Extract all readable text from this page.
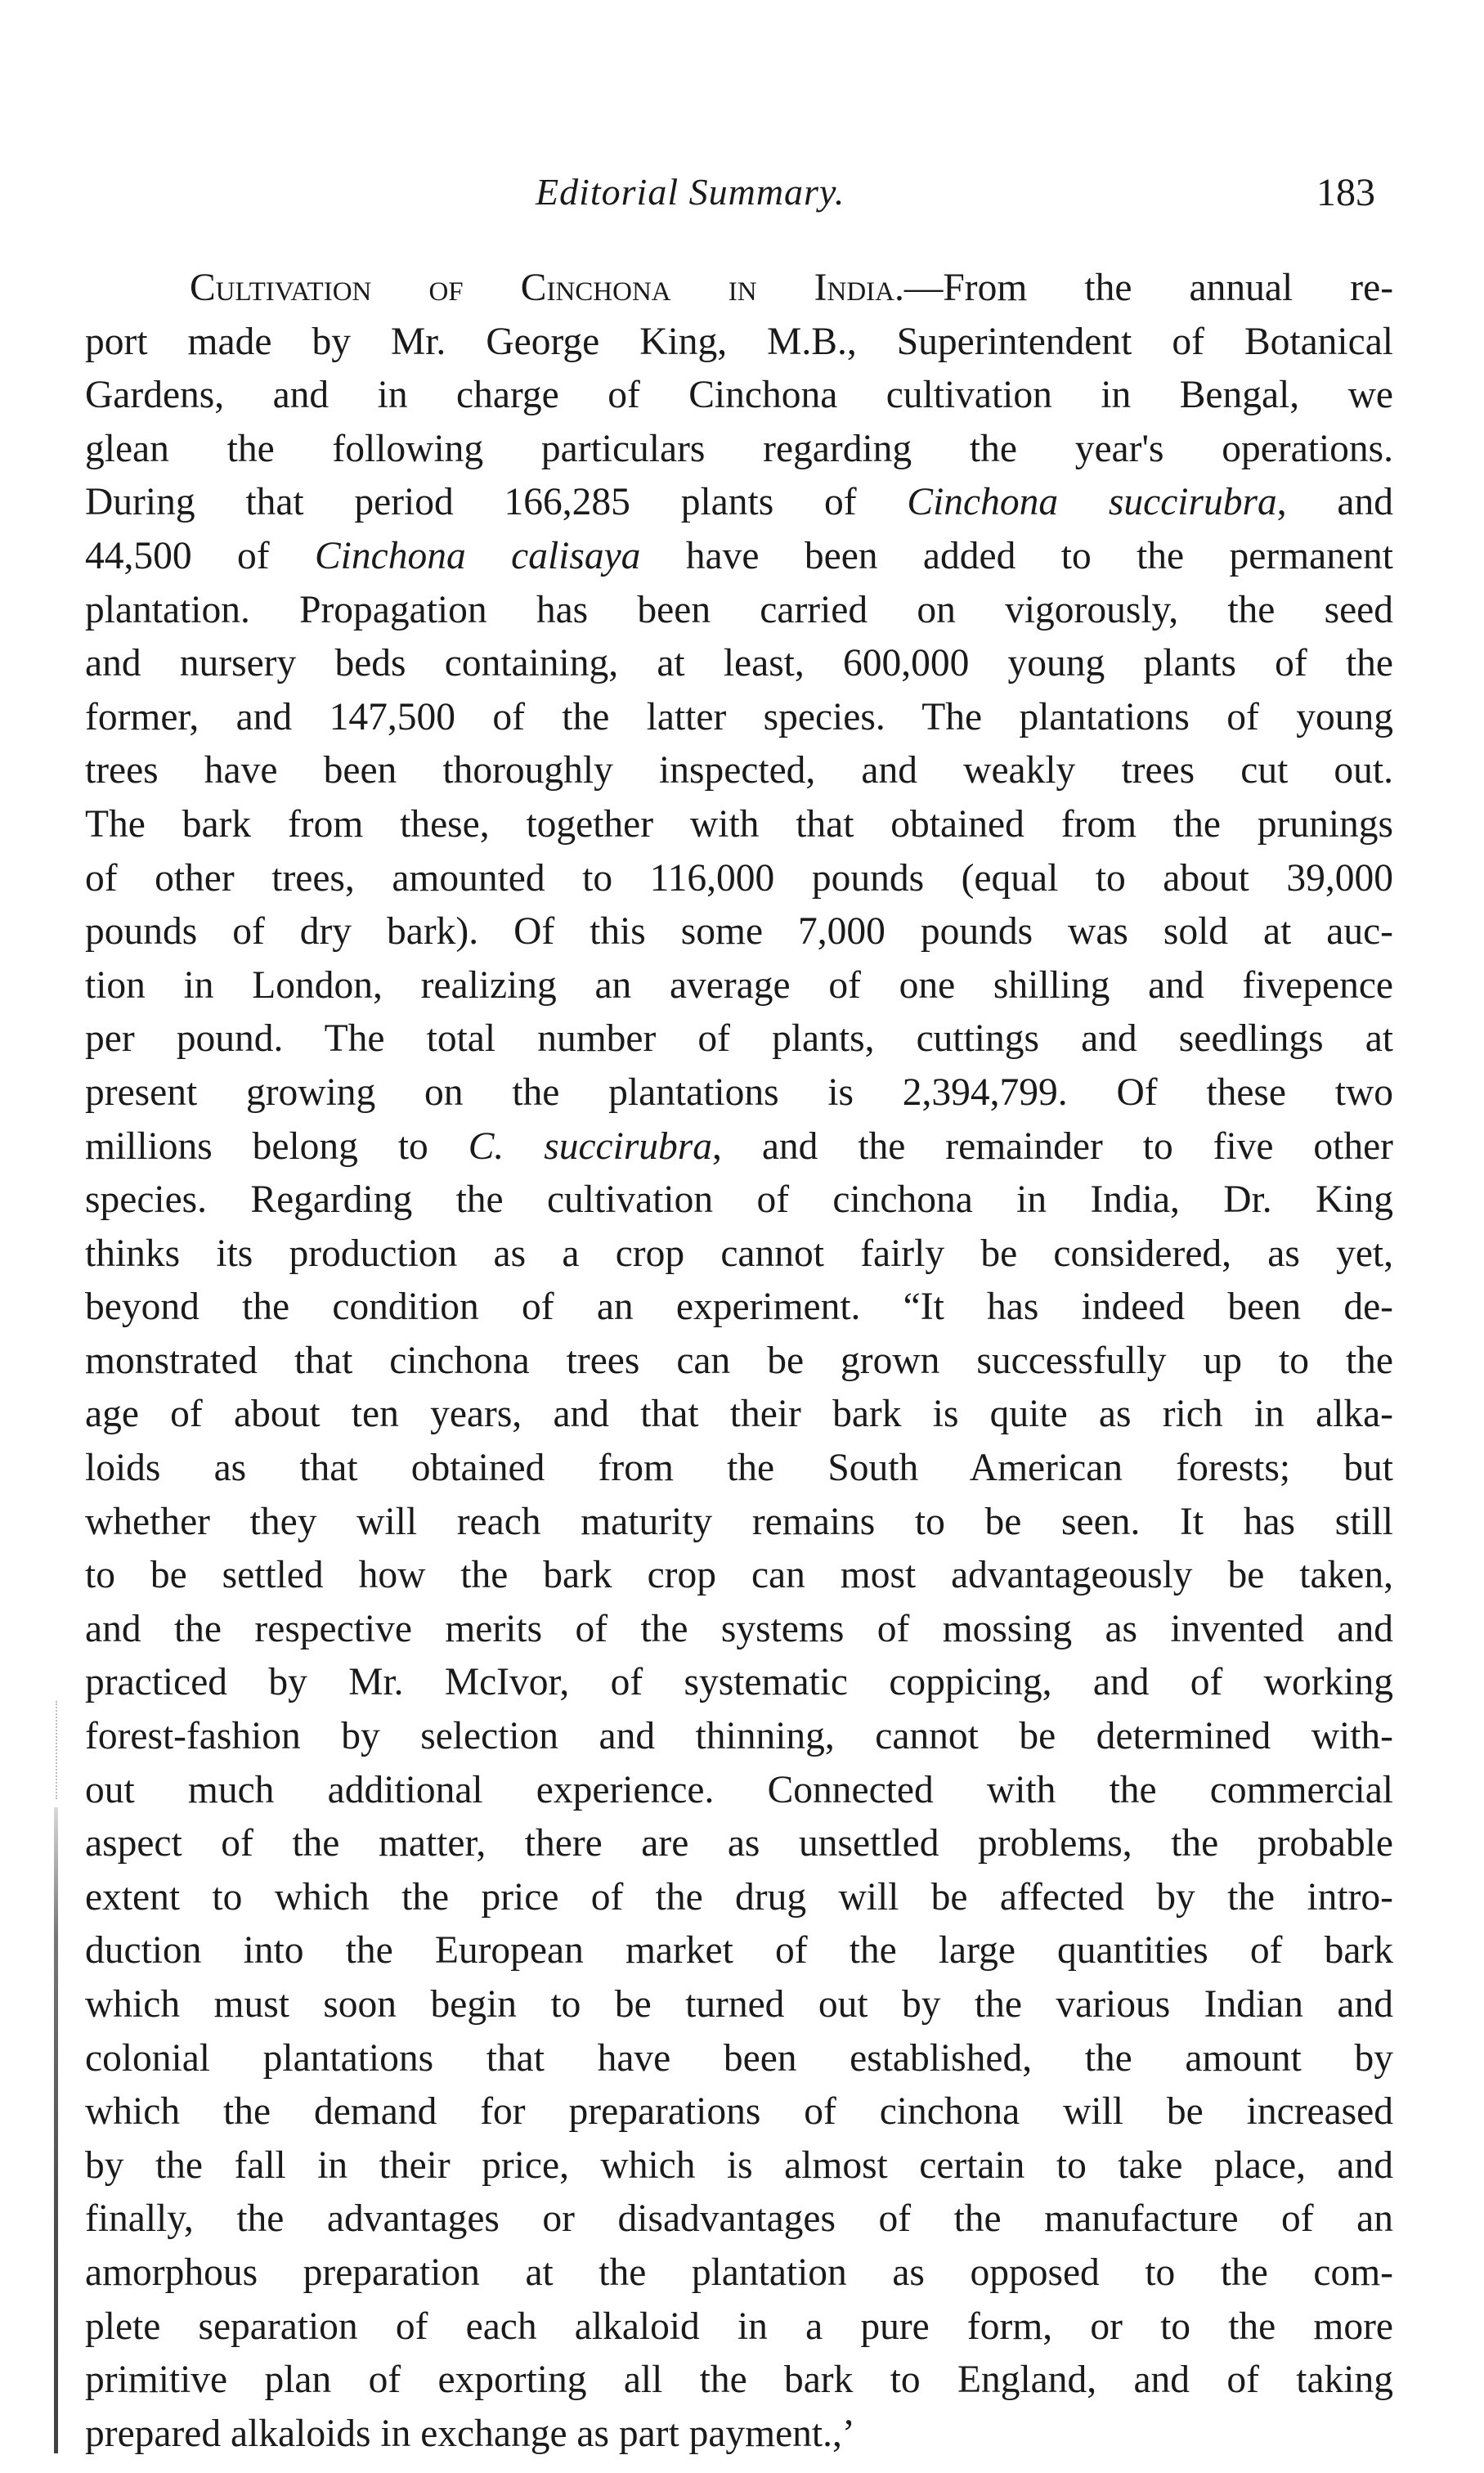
Editorial Summary.	183
Cultivation of Cinchona in India.—From the annual re-
port made by Mr. George King, M.B., Superintendent of Botanical
Gardens, and in charge of Cinchona cultivation in Bengal, we
glean the following particulars regarding the year's operations.
During that period 166,285 plants of Cinchona succirubra, and
44,500 of Cinchona calisaya have been added to the permanent
plantation. Propagation has been carried on vigorously, the seed
and nursery beds containing, at least, 600,000 young plants of the
former, and 147,500 of the latter species. The plantations of young
trees have been thoroughly inspected, and weakly trees cut out.
The bark from these, together with that obtained from the prunings
of other trees, amounted to 116,000 pounds (equal to about 39,000
pounds of dry bark). Of this some 7,000 pounds was sold at auc-
tion in London, realizing an average of one shilling and fivepence
per pound. The total number of plants, cuttings and seedlings at
present growing on the plantations is 2,394,799. Of these two
millions belong to C. succirubra, and the remainder to five other
species. Regarding the cultivation of cinchona in India, Dr. King
thinks its production as a crop cannot fairly be considered, as yet,
beyond the condition of an experiment. “It has indeed been de-
monstrated that cinchona trees can be grown successfully up to the
age of about ten years, and that their bark is quite as rich in alka-
loids as that obtained from the South American forests; but
whether they will reach maturity remains to be seen. It has still
to be settled how the bark crop can most advantageously be taken,
and the respective merits of the systems of mossing as invented and
practiced by Mr. McIvor, of systematic coppicing, and of working
forest-fashion by selection and thinning, cannot be determined with-
out much additional experience. Connected with the commercial
aspect of the matter, there are as unsettled problems, the probable
extent to which the price of the drug will be affected by the intro-
duction into the European market of the large quantities of bark
which must soon begin to be turned out by the various Indian and
colonial plantations that have been established, the amount by
which the demand for preparations of cinchona will be increased
by the fall in their price, which is almost certain to take place, and
finally, the advantages or disadvantages of the manufacture of an
amorphous preparation at the plantation as opposed to the com-
plete separation of each alkaloid in a pure form, or to the more
primitive plan of exporting all the bark to England, and of taking
prepared alkaloids in exchange as part payment.,’
